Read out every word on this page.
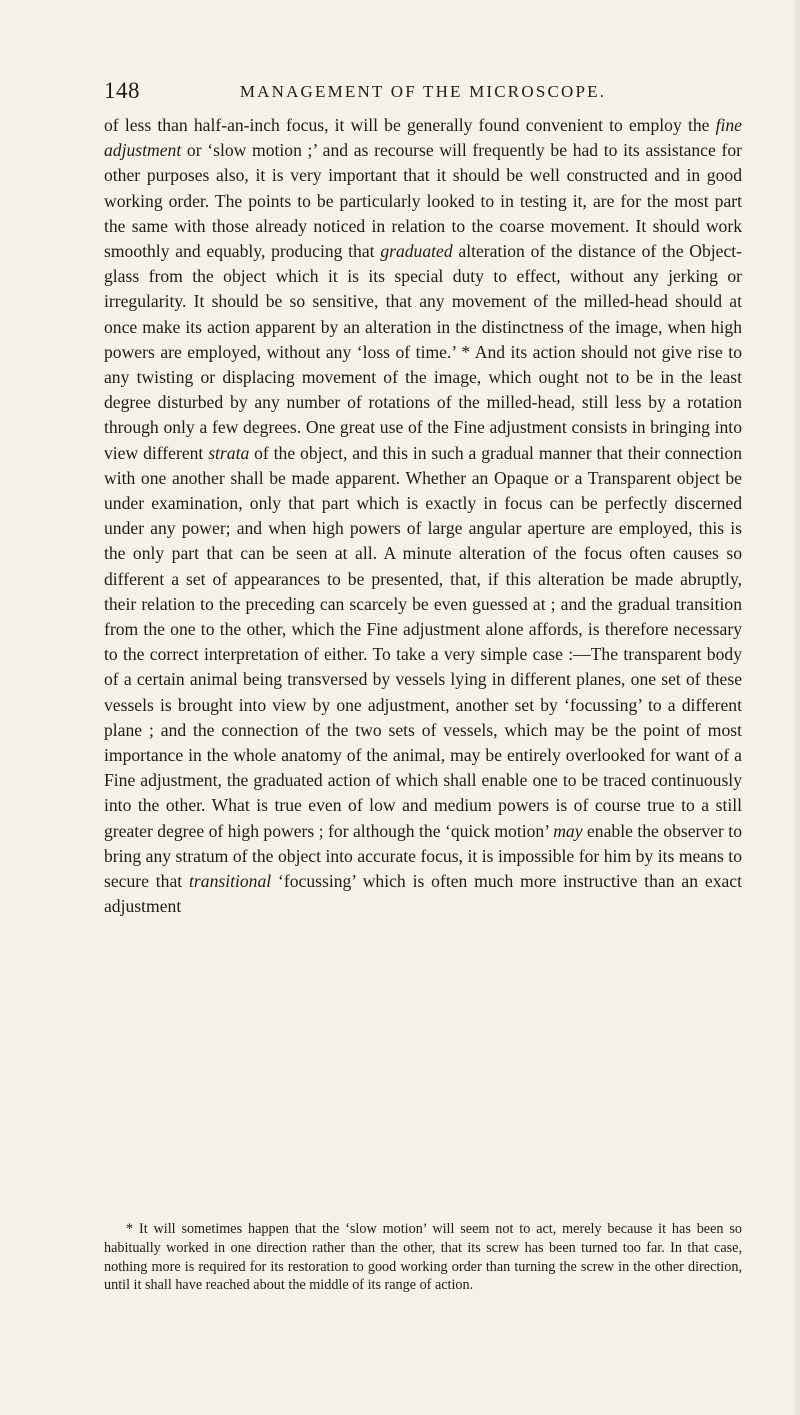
148	MANAGEMENT OF THE MICROSCOPE.

of less than half-an-inch focus, it will be generally found convenient to employ the fine adjustment or ‘slow motion ;’ and as recourse will frequently be had to its assistance for other purposes also, it is very important that it should be well constructed and in good working order. The points to be particularly looked to in testing it, are for the most part the same with those already noticed in relation to the coarse movement. It should work smoothly and equably, producing that graduated alteration of the distance of the Object-glass from the object which it is its special duty to effect, without any jerking or irregularity. It should be so sensitive, that any movement of the milled-head should at once make its action apparent by an alteration in the distinctness of the image, when high powers are employed, without any ‘loss of time.’ * And its action should not give rise to any twisting or displacing movement of the image, which ought not to be in the least degree disturbed by any number of rotations of the milled-head, still less by a rotation through only a few degrees. One great use of the Fine adjustment consists in bringing into view different strata of the object, and this in such a gradual manner that their connection with one another shall be made apparent. Whether an Opaque or a Transparent object be under examination, only that part which is exactly in focus can be perfectly discerned under any power; and when high powers of large angular aperture are employed, this is the only part that can be seen at all. A minute alteration of the focus often causes so different a set of appearances to be presented, that, if this alteration be made abruptly, their relation to the preceding can scarcely be even guessed at ; and the gradual transition from the one to the other, which the Fine adjustment alone affords, is therefore necessary to the correct interpretation of either. To take a very simple case :—The transparent body of a certain animal being transversed by vessels lying in different planes, one set of these vessels is brought into view by one adjustment, another set by ‘focussing’ to a different plane ; and the connection of the two sets of vessels, which may be the point of most importance in the whole anatomy of the animal, may be entirely overlooked for want of a Fine adjustment, the graduated action of which shall enable one to be traced continuously into the other. What is true even of low and medium powers is of course true to a still greater degree of high powers ; for although the ‘quick motion’ may enable the observer to bring any stratum of the object into accurate focus, it is impossible for him by its means to secure that transitional ‘focussing’ which is often much more instructive than an exact adjustment

* It will sometimes happen that the ‘slow motion’ will seem not to act, merely because it has been so habitually worked in one direction rather than the other, that its screw has been turned too far. In that case, nothing more is required for its restoration to good working order than turning the screw in the other direction, until it shall have reached about the middle of its range of action.
